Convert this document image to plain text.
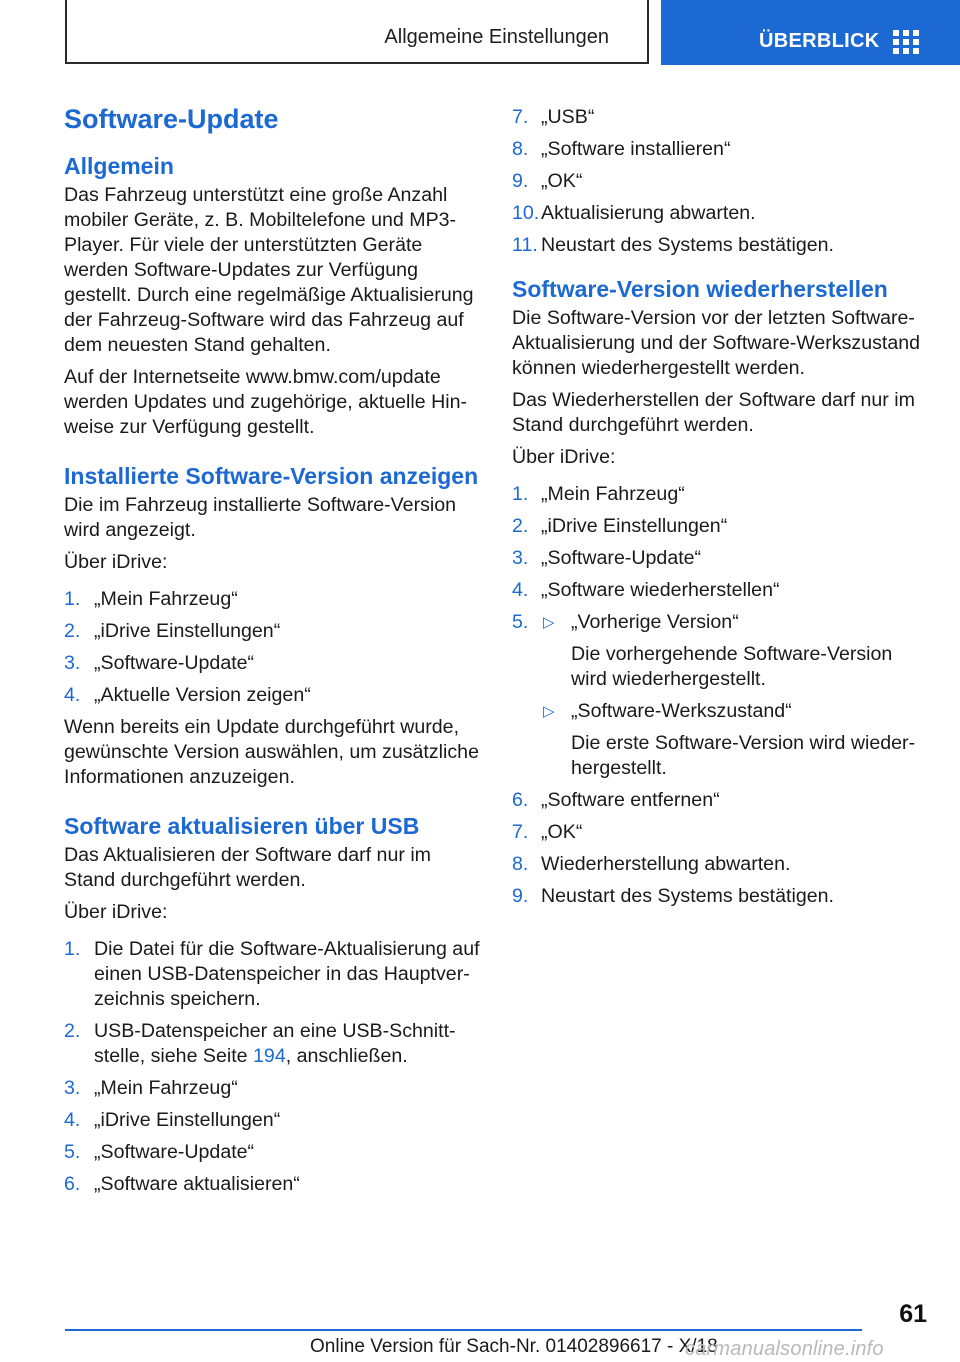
Allgemeine Einstellungen	ÜBERBLICK
Software-Update
Allgemein

Das Fahrzeug unterstützt eine große Anzahl mobiler Geräte, z. B. Mobiltelefone und MP3-Player. Für viele der unterstützten Geräte werden Software-Updates zur Verfügung gestellt. Durch eine regelmäßige Aktualisierung der Fahrzeug-Software wird das Fahrzeug auf dem neuesten Stand gehalten.

Auf der Internetseite www.bmw.com/update werden Updates und zugehörige, aktuelle Hinweise zur Verfügung gestellt.

Installierte Software-Version anzeigen

Die im Fahrzeug installierte Software-Version wird angezeigt.

Über iDrive:

1. „Mein Fahrzeug“
2. „iDrive Einstellungen“
3. „Software-Update“
4. „Aktuelle Version zeigen“

Wenn bereits ein Update durchgeführt wurde, gewünschte Version auswählen, um zusätzliche Informationen anzuzeigen.

Software aktualisieren über USB

Das Aktualisieren der Software darf nur im Stand durchgeführt werden.

Über iDrive:

1. Die Datei für die Software-Aktualisierung auf einen USB-Datenspeicher in das Hauptverzeichnis speichern.
2. USB-Datenspeicher an eine USB-Schnittstelle, siehe Seite 194, anschließen.
3. „Mein Fahrzeug“
4. „iDrive Einstellungen“
5. „Software-Update“
6. „Software aktualisieren“
7. „USB“
8. „Software installieren“
9. „OK“
10. Aktualisierung abwarten.
11. Neustart des Systems bestätigen.
Software-Version wiederherstellen

Die Software-Version vor der letzten Software-Aktualisierung und der Software-Werkszustand können wiederhergestellt werden.

Das Wiederherstellen der Software darf nur im Stand durchgeführt werden.

Über iDrive:

1. „Mein Fahrzeug“
2. „iDrive Einstellungen“
3. „Software-Update“
4. „Software wiederherstellen“
5. ▷ „Vorherige Version“
Die vorhergehende Software-Version wird wiederhergestellt.
▷ „Software-Werkszustand“
Die erste Software-Version wird wiederhergestellt.
6. „Software entfernen“
7. „OK“
8. Wiederherstellung abwarten.
9. Neustart des Systems bestätigen.
61
Online Version für Sach-Nr. 01402896617 - X/18
carmanualsonline.info
